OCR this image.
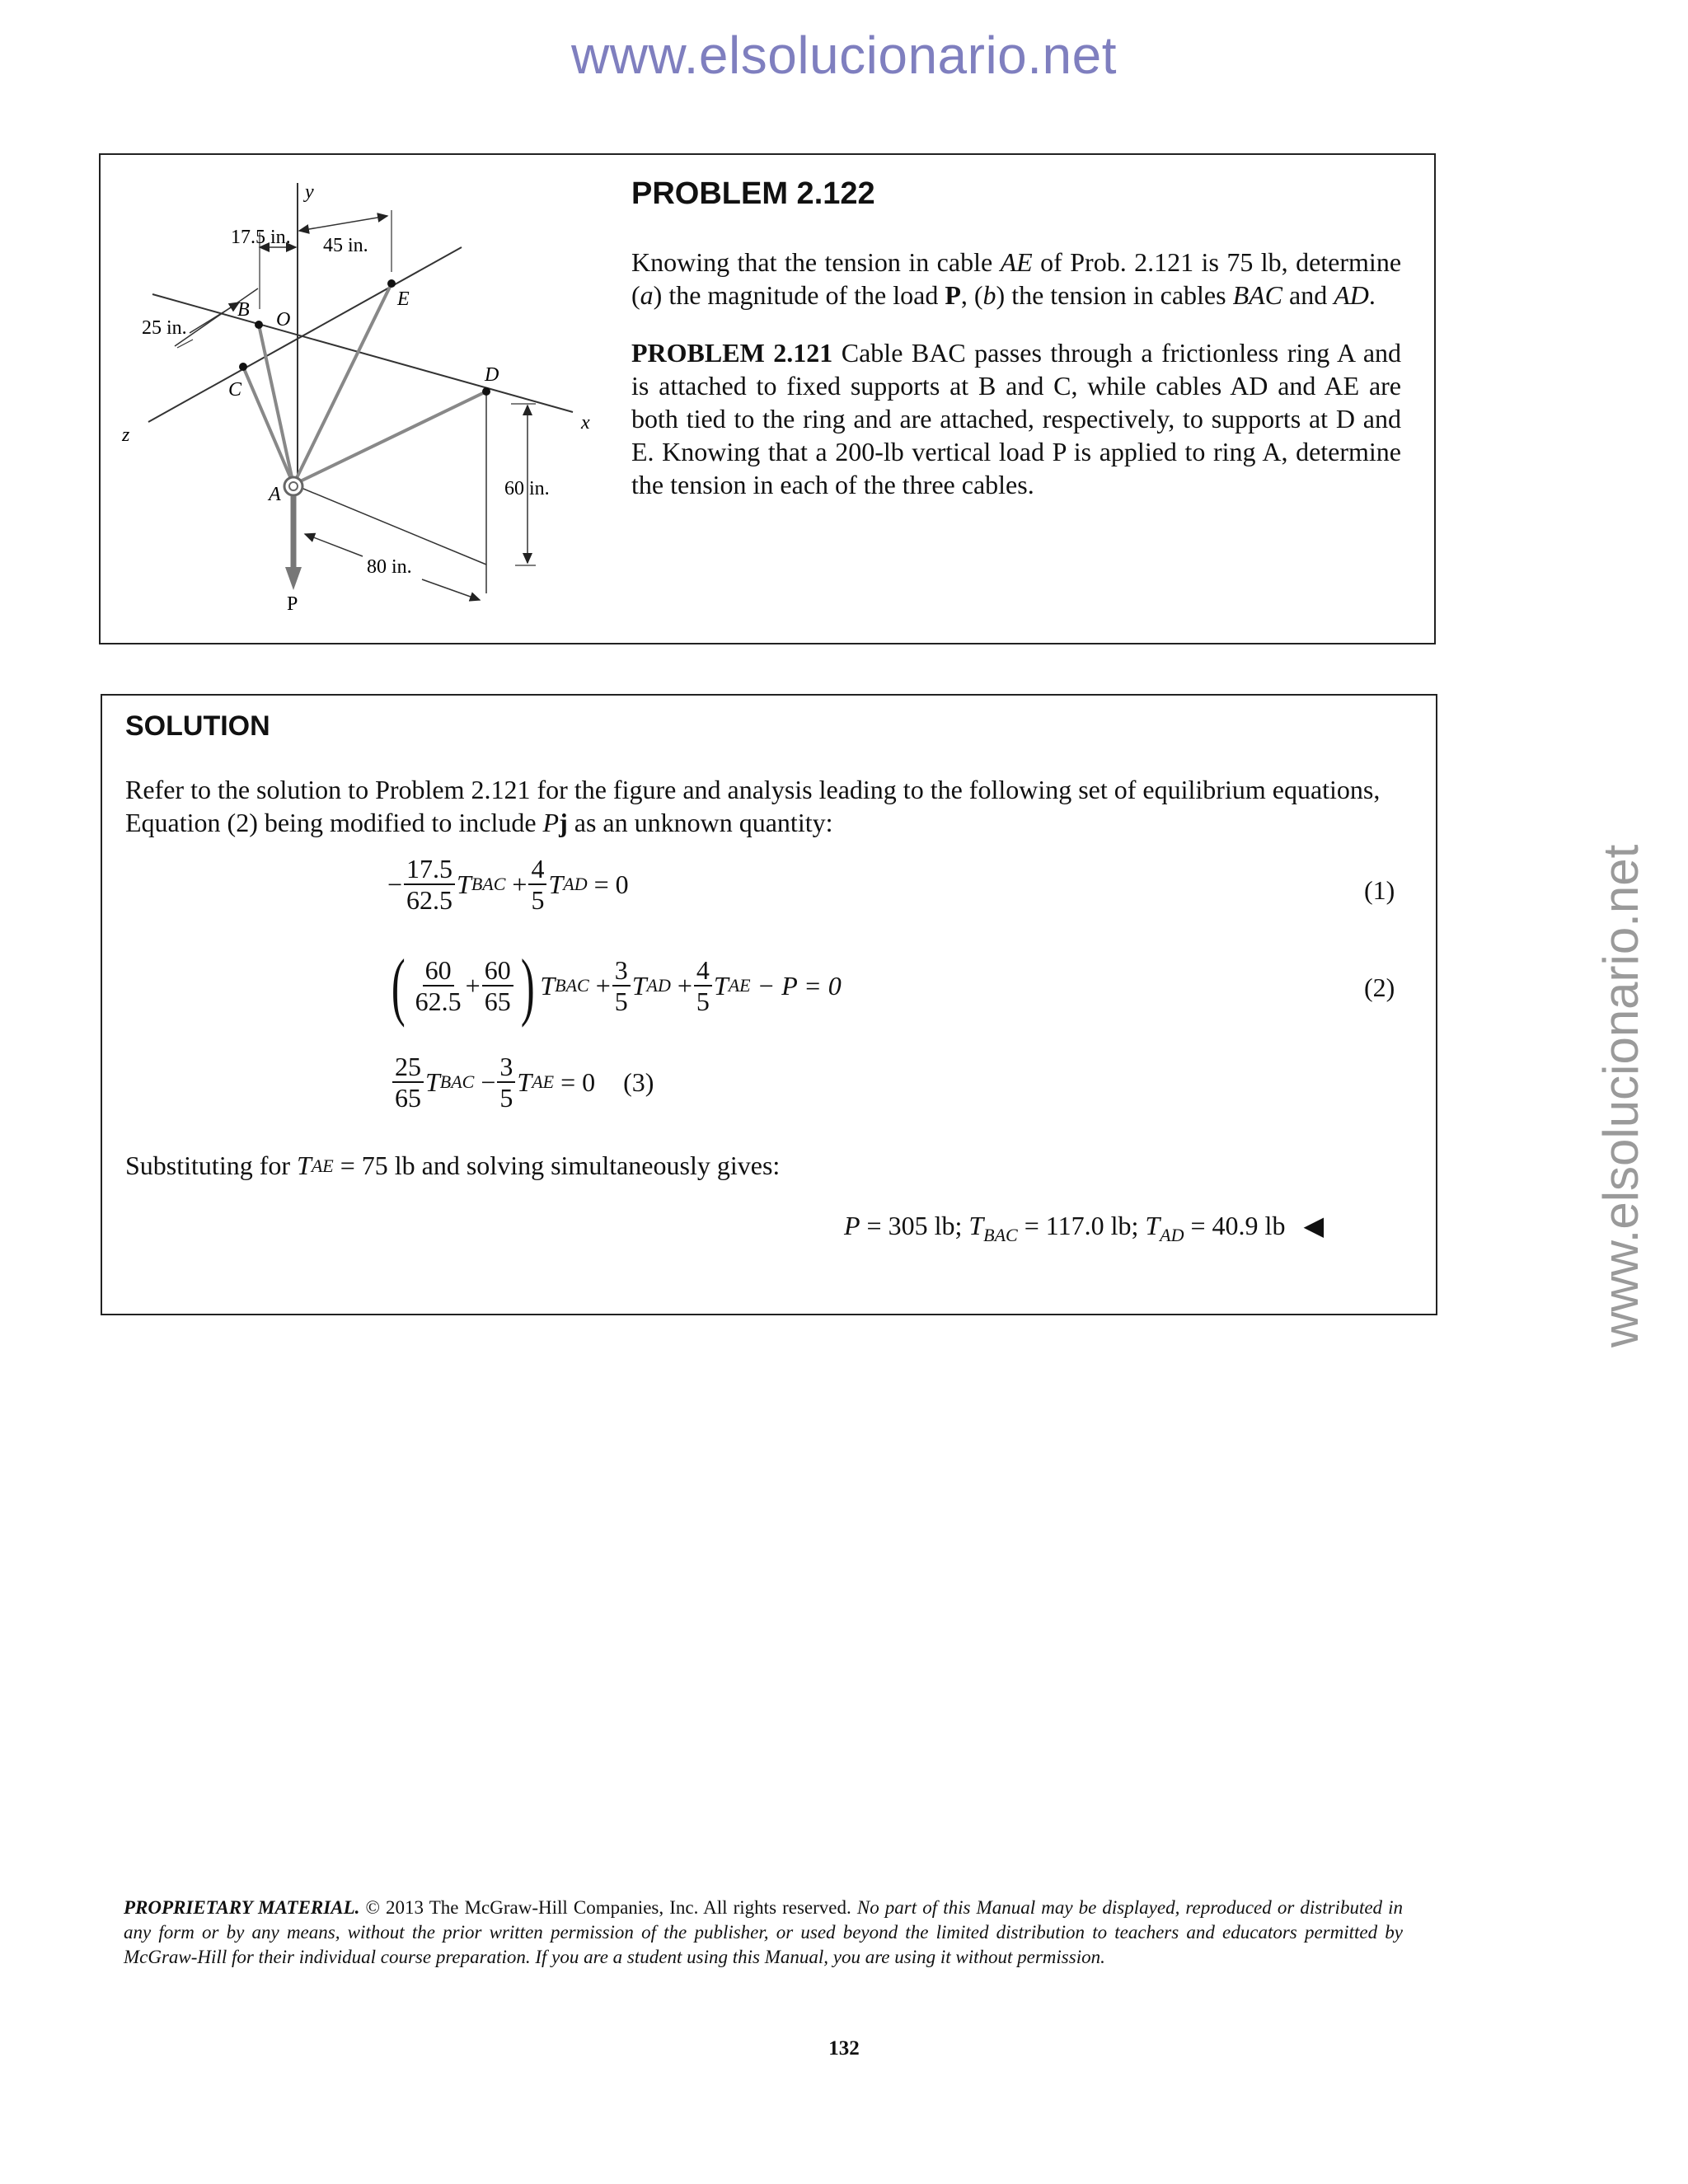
www.elsolucionario.net
www.elsolucionario.net
y
x
z
B O
E
C
D
A
P
17.5 in. 45 in.
25 in.
60 in.
80 in.
PROBLEM 2.122

Knowing that the tension in cable AE of Prob. 2.121 is 75 lb, determine (a) the magnitude of the load P, (b) the tension in cables BAC and AD.

PROBLEM 2.121 Cable BAC passes through a frictionless ring A and is attached to fixed supports at B and C, while cables AD and AE are both tied to the ring and are attached, respectively, to supports at D and E. Knowing that a 200-lb vertical load P is applied to ring A, determine the tension in each of the three cables.

SOLUTION
Refer to the solution to Problem 2.121 for the figure and analysis leading to the following set of equilibrium equations, Equation (2) being modified to include Pj as an unknown quantity:
− $\frac{17.5}{62.5}$ T BAC
+ $\frac{4}{5}$ T AD
= 0	(1)
( $\frac{60}{62.5} + \frac{60}{65}$ ) T BAC
+ $\frac{3}{5}$ T AD
+ $\frac{4}{5}$ T AE
− P = 0	(2)
$\frac{25}{65}$ T BAC
− $\frac{3}{5}$ T AE
= 0 (3)
Substituting for
T AE
= 75 lb and solving simultaneously gives:
P = 305 lb; $T_{BAC} = 117.0$ lb; $T_{AD} = 40.9$ lb ◀
PROPRIETARY MATERIAL. © 2013 The McGraw-Hill Companies, Inc. All rights reserved. No part of this Manual may be displayed, reproduced or distributed in any form or by any means, without the prior written permission of the publisher, or used beyond the limited distribution to teachers and educators permitted by McGraw-Hill for their individual course preparation. If you are a student using this Manual, you are using it without permission.
132
